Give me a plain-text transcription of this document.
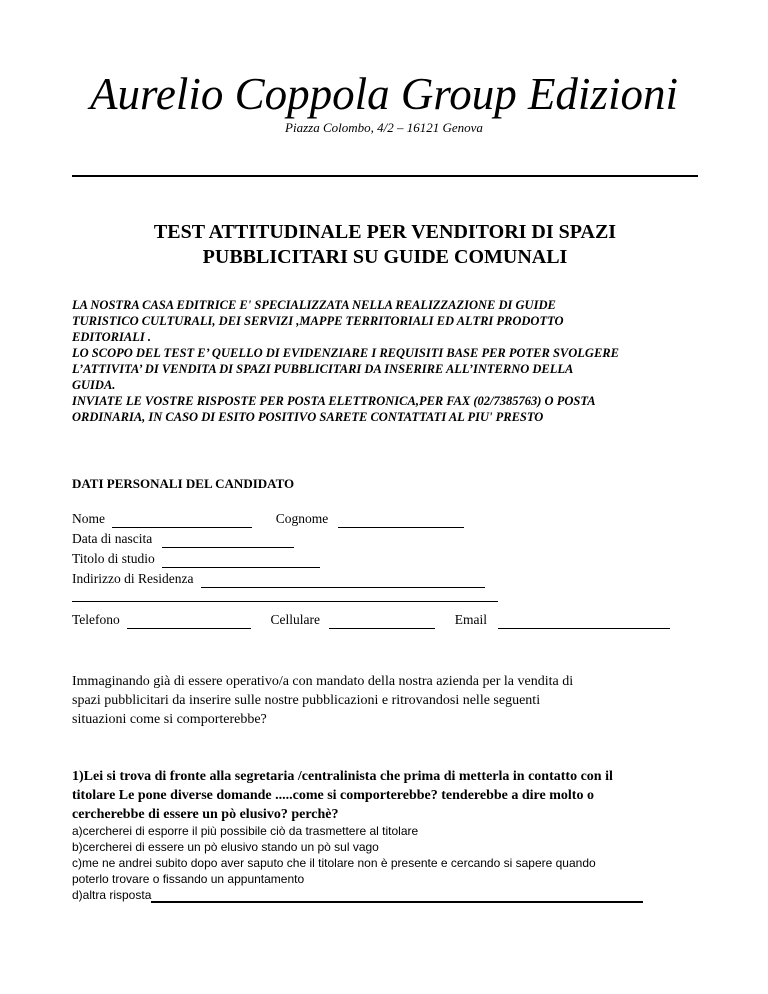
Aurelio Coppola Group Edizioni
Piazza Colombo, 4/2 – 16121 Genova
TEST ATTITUDINALE PER VENDITORI DI SPAZI
PUBBLICITARI SU GUIDE COMUNALI
LA NOSTRA CASA EDITRICE E' SPECIALIZZATA NELLA REALIZZAZIONE DI GUIDE
TURISTICO CULTURALI, DEI SERVIZI ,MAPPE TERRITORIALI ED ALTRI PRODOTTO
EDITORIALI .
LO SCOPO DEL TEST E’ QUELLO DI EVIDENZIARE I REQUISITI BASE PER POTER SVOLGERE
L’ATTIVITA’ DI VENDITA DI SPAZI PUBBLICITARI DA INSERIRE ALL’INTERNO DELLA
GUIDA.
INVIATE LE VOSTRE RISPOSTE PER POSTA ELETTRONICA,PER FAX (02/7385763) O POSTA
ORDINARIA, IN CASO DI ESITO POSITIVO SARETE CONTATTATI AL PIU' PRESTO
DATI PERSONALI DEL CANDIDATO
Nome	Cognome
Data di nascita
Titolo di studio
Indirizzo di Residenza
Telefono	Cellulare	Email
Immaginando già di essere operativo/a con mandato della nostra azienda per la vendita di
spazi pubblicitari da inserire sulle nostre pubblicazioni e ritrovandosi nelle seguenti
situazioni come si comporterebbe?
1)Lei si trova di fronte alla segretaria /centralinista che prima di metterla in contatto con il
titolare Le pone diverse domande .....come si comporterebbe? tenderebbe a dire molto o
cercherebbe di essere un pò elusivo? perchè?
a)cercherei di esporre il più possibile ciò da trasmettere al titolare
b)cercherei di essere un pò elusivo stando un pò sul vago
c)me ne andrei subito dopo aver saputo che il titolare non è presente e cercando si sapere quando
poterlo trovare o fissando un appuntamento
d)altra risposta
